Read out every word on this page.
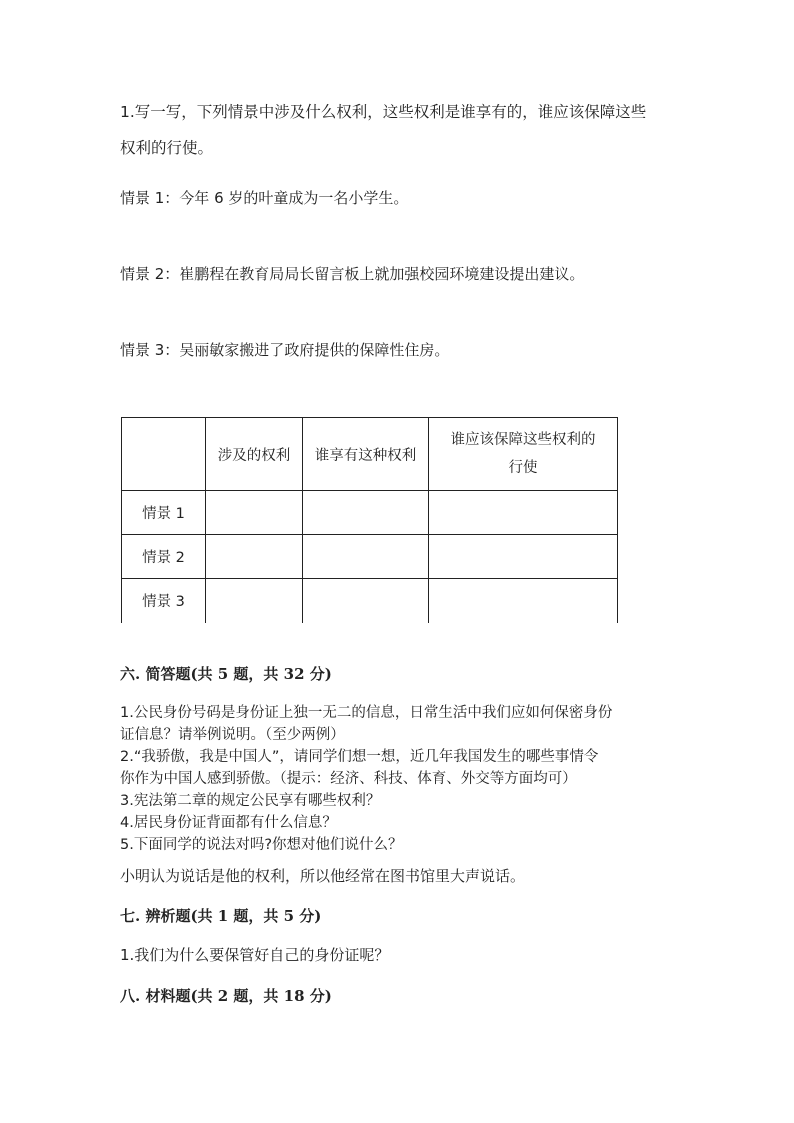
1.写一写，下列情景中涉及什么权利，这些权利是谁享有的，谁应该保障这些
权利的行使。
情景 1：今年 6 岁的叶童成为一名小学生。
情景 2：崔鹏程在教育局局长留言板上就加强校园环境建设提出建议。
情景 3：吴丽敏家搬进了政府提供的保障性住房。
	涉及的权利	谁享有这种权利	谁应该保障这些权利的
行使

情景 1			
情景 2			
情景 3			
六. 简答题(共 5 题，共 32 分)
1.公民身份号码是身份证上独一无二的信息，日常生活中我们应如何保密身份
证信息？请举例说明。（至少两例）
2.“我骄傲，我是中国人”，请同学们想一想，近几年我国发生的哪些事情令
你作为中国人感到骄傲。（提示：经济、科技、体育、外交等方面均可）
3.宪法第二章的规定公民享有哪些权利？
4.居民身份证背面都有什么信息？
5.下面同学的说法对吗?你想对他们说什么？
小明认为说话是他的权利，所以他经常在图书馆里大声说话。
七. 辨析题(共 1 题，共 5 分)
1.我们为什么要保管好自己的身份证呢？
八. 材料题(共 2 题，共 18 分)
